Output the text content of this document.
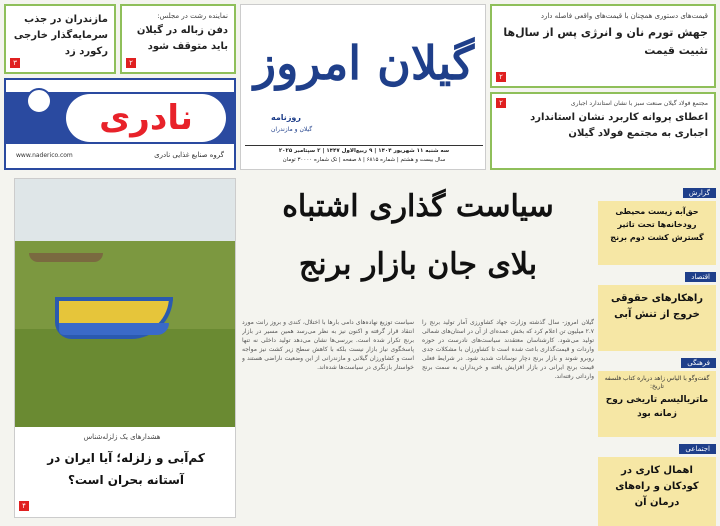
مازندران در جذب سرمایه‌گذار خارجی رکورد زد
۳
نماینده رشت در مجلس:
دفن زباله در گیلان باید متوقف شود
۲
نادری
www.naderico.com	گروه صنایع غذایی نادری
گیلان امروز
روزنامه
گیلان و مازندران
سه شنبه ۱۱ شهریور ۱۴۰۴ | ۹ ربیع‌الاول ۱۴۴۷ | ۲ سپتامبر ۲۰۲۵
سال بیست و هشتم | شماره ۶۸۱۵ | ۸ صفحه | تک شماره ۳۰۰۰۰ تومان
قیمت‌های دستوری همچنان با قیمت‌های واقعی فاصله دارد
جهش تورم نان و انرژی پس از سال‌ها تثبیت قیمت
۲
مجتمع فولاد گیلان صنعت سبز با نشان استاندارد اجباری
اعطای پروانه کاربرد نشان استاندارد اجباری به مجتمع فولاد گیلان
۲
هشدارهای یک زلزله‌شناس
کم‌آبی و زلزله؛ آیا ایران در آستانه بحران است؟
۴
سیاست گذاری اشتباه
بلای جان بازار برنج
گیلان امروز- سال گذشته وزارت جهاد کشاورزی آمار تولید برنج را ۲.۷ میلیون تن اعلام کرد که بخش عمده‌ای از آن در استان‌های شمالی تولید می‌شود. کارشناسان معتقدند سیاست‌های نادرست در حوزه واردات و قیمت‌گذاری باعث شده است تا کشاورزان با مشکلات جدی روبرو شوند و بازار برنج دچار نوسانات شدید شود. در شرایط فعلی قیمت برنج ایرانی در بازار افزایش یافته و خریداران به سمت برنج وارداتی رفته‌اند.
سیاست توزیع نهاده‌های دامی بارها با اختلال، کندی و بروز رانت مورد انتقاد قرار گرفته و اکنون نیز به نظر می‌رسد همین مسیر در بازار برنج تکرار شده است. بررسی‌ها نشان می‌دهد تولید داخلی نه تنها پاسخگوی نیاز بازار نیست بلکه با کاهش سطح زیر کشت نیز مواجه است و کشاورزان گیلانی و مازندرانی از این وضعیت ناراضی هستند و خواستار بازنگری در سیاست‌ها شده‌اند.
گزارش
حق‌آبه زیست محیطی رودخانه‌ها تحت تاثیر گسترش کشت دوم برنج
اقتصاد
راهکارهای حقوقی خروج از تنش آبی
فرهنگی
گفت‌وگو با الیاس زاهد درباره کتاب فلسفه تاریخ:
ماتریالیسم تاریخی روح زمانه بود
اجتماعی
اهمال کاری در کودکان و راه‌های درمان آن
